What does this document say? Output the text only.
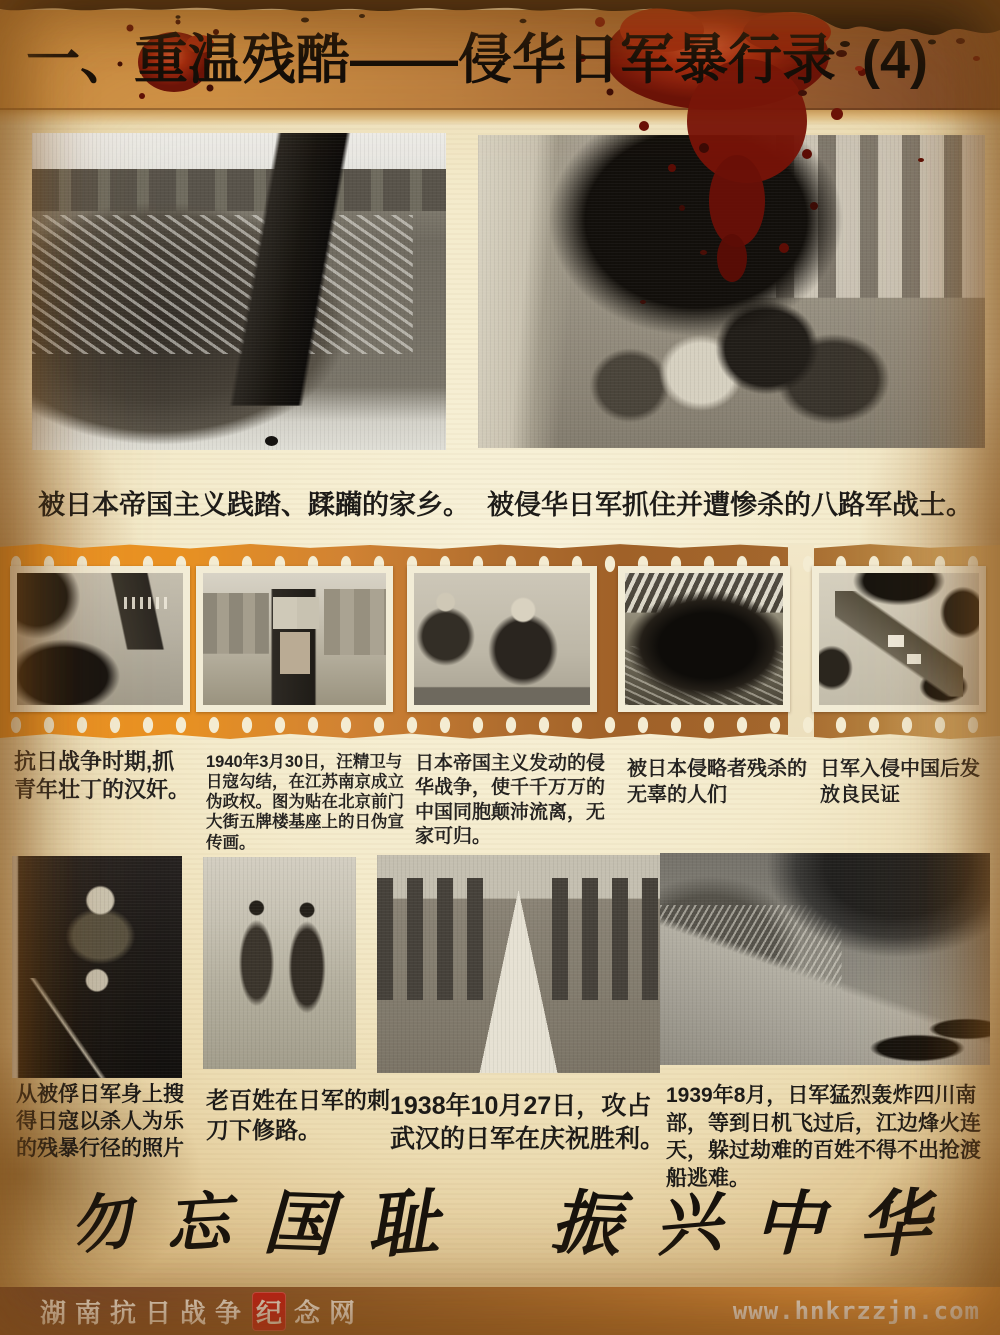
一、重温残酷——侵华日军暴行录 (4)
被日本帝国主义践踏、蹂躏的家乡。 被侵华日军抓住并遭惨杀的八路军战士。
抗日战争时期,抓青年壮丁的汉奸。
1940年3月30日，汪精卫与日寇勾结，在江苏南京成立伪政权。图为贴在北京前门大街五牌楼基座上的日伪宣传画。
日本帝国主义发动的侵华战争，使千千万万的中国同胞颠沛流离，无家可归。
被日本侵略者残杀的无辜的人们
日军入侵中国后发放良民证
从被俘日军身上搜得日寇以杀人为乐的残暴行径的照片
老百姓在日军的刺刀下修路。
1938年10月27日，攻占武汉的日军在庆祝胜利。
1939年8月，日军猛烈轰炸四川南部，等到日机飞过后，江边烽火连天，躲过劫难的百姓不得不出抢渡船逃难。
勿 忘 国 耻 振 兴 中 华
湖南抗日战争 纪 念网	www.hnkrzzjn.com
